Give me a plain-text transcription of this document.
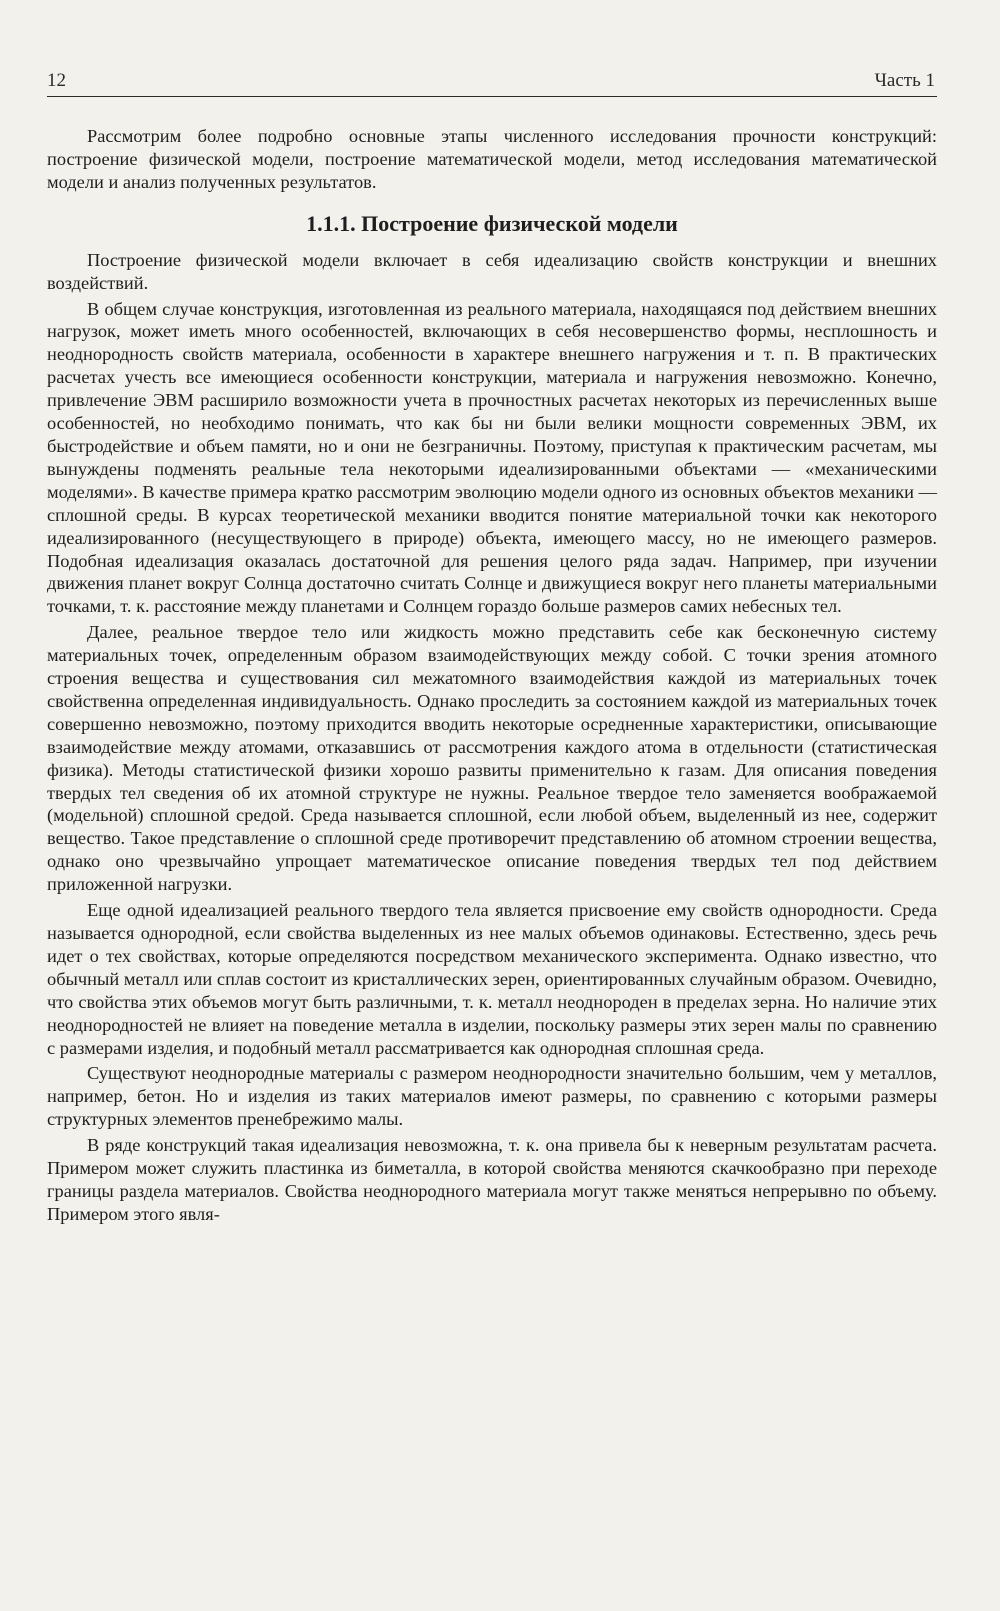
12	Часть 1

Рассмотрим более подробно основные этапы численного исследования прочности конструкций: построение физической модели, построение математической модели, метод исследования математической модели и анализ полученных результатов.

1.1.1. Построение физической модели

Построение физической модели включает в себя идеализацию свойств конструкции и внешних воздействий.

В общем случае конструкция, изготовленная из реального материала, находящаяся под действием внешних нагрузок, может иметь много особенностей, включающих в себя несовершенство формы, несплошность и неоднородность свойств материала, особенности в характере внешнего нагружения и т. п. В практических расчетах учесть все имеющиеся особенности конструкции, материала и нагружения невозможно. Конечно, привлечение ЭВМ расширило возможности учета в прочностных расчетах некоторых из перечисленных выше особенностей, но необходимо понимать, что как бы ни были велики мощности современных ЭВМ, их быстродействие и объем памяти, но и они не безграничны. Поэтому, приступая к практическим расчетам, мы вынуждены подменять реальные тела некоторыми идеализированными объектами — «механическими моделями». В качестве примера кратко рассмотрим эволюцию модели одного из основных объектов механики — сплошной среды. В курсах теоретической механики вводится понятие материальной точки как некоторого идеализированного (несуществующего в природе) объекта, имеющего массу, но не имеющего размеров. Подобная идеализация оказалась достаточной для решения целого ряда задач. Например, при изучении движения планет вокруг Солнца достаточно считать Солнце и движущиеся вокруг него планеты материальными точками, т. к. расстояние между планетами и Солнцем гораздо больше размеров самих небесных тел.

Далее, реальное твердое тело или жидкость можно представить себе как бесконечную систему материальных точек, определенным образом взаимодействующих между собой. С точки зрения атомного строения вещества и существования сил межатомного взаимодействия каждой из материальных точек свойственна определенная индивидуальность. Однако проследить за состоянием каждой из материальных точек совершенно невозможно, поэтому приходится вводить некоторые осредненные характеристики, описывающие взаимодействие между атомами, отказавшись от рассмотрения каждого атома в отдельности (статистическая физика). Методы статистической физики хорошо развиты применительно к газам. Для описания поведения твердых тел сведения об их атомной структуре не нужны. Реальное твердое тело заменяется воображаемой (модельной) сплошной средой. Среда называется сплошной, если любой объем, выделенный из нее, содержит вещество. Такое представление о сплошной среде противоречит представлению об атомном строении вещества, однако оно чрезвычайно упрощает математическое описание поведения твердых тел под действием приложенной нагрузки.

Еще одной идеализацией реального твердого тела является присвоение ему свойств однородности. Среда называется однородной, если свойства выделенных из нее малых объемов одинаковы. Естественно, здесь речь идет о тех свойствах, которые определяются посредством механического эксперимента. Однако известно, что обычный металл или сплав состоит из кристаллических зерен, ориентированных случайным образом. Очевидно, что свойства этих объемов могут быть различными, т. к. металл неоднороден в пределах зерна. Но наличие этих неоднородностей не влияет на поведение металла в изделии, поскольку размеры этих зерен малы по сравнению с размерами изделия, и подобный металл рассматривается как однородная сплошная среда.

Существуют неоднородные материалы с размером неоднородности значительно большим, чем у металлов, например, бетон. Но и изделия из таких материалов имеют размеры, по сравнению с которыми размеры структурных элементов пренебрежимо малы.

В ряде конструкций такая идеализация невозможна, т. к. она привела бы к неверным результатам расчета. Примером может служить пластинка из биметалла, в которой свойства меняются скачкообразно при переходе границы раздела материалов. Свойства неоднородного материала могут также меняться непрерывно по объему. Примером этого явля-
